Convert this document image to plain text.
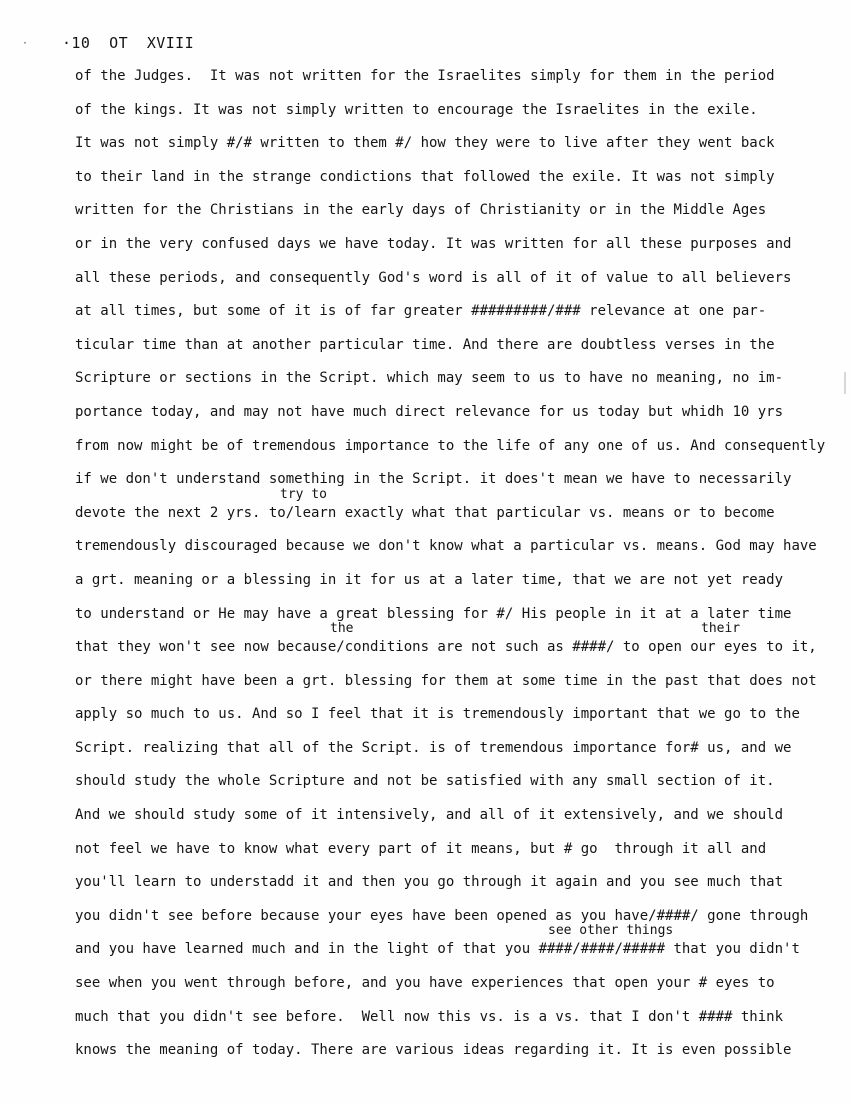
· ·10  OT  XVIII
of the Judges.  It was not written for the Israelites simply for them in the period
of the kings. It was not simply written to encourage the Israelites in the exile.
It was not simply #/# written to them #/ how they were to live after they went back
to their land in the strange condictions that followed the exile. It was not simply
written for the Christians in the early days of Christianity or in the Middle Ages
or in the very confused days we have today. It was written for all these purposes and
all these periods, and consequently God's word is all of it of value to all believers
at all times, but some of it is of far greater #########/### relevance at one par-
ticular time than at another particular time. And there are doubtless verses in the
Scripture or sections in the Script. which may seem to us to have no meaning, no im-
portance today, and may not have much direct relevance for us today but whidh 10 yrs
from now might be of tremendous importance to the life of any one of us. And consequently
if we don't understand something in the Script. it does't mean we have to necessarily
try to
devote the next 2 yrs. to/learn exactly what that particular vs. means or to become
tremendously discouraged because we don't know what a particular vs. means. God may have
a grt. meaning or a blessing in it for us at a later time, that we are not yet ready
to understand or He may have a great blessing for #/ His people in it at a later time
the	their
that they won't see now because/conditions are not such as ####/ to open our eyes to it,
or there might have been a grt. blessing for them at some time in the past that does not
apply so much to us. And so I feel that it is tremendously important that we go to the
Script. realizing that all of the Script. is of tremendous importance for# us, and we
should study the whole Scripture and not be satisfied with any small section of it.
And we should study some of it intensively, and all of it extensively, and we should
not feel we have to know what every part of it means, but # go  through it all and
you'll learn to understadd it and then you go through it again and you see much that
you didn't see before because your eyes have been opened as you have/####/ gone through
see other things
and you have learned much and in the light of that you ####/####/##### that you didn't
see when you went through before, and you have experiences that open your # eyes to
much that you didn't see before.  Well now this vs. is a vs. that I don't #### think
knows the meaning of today. There are various ideas regarding it. It is even possible
